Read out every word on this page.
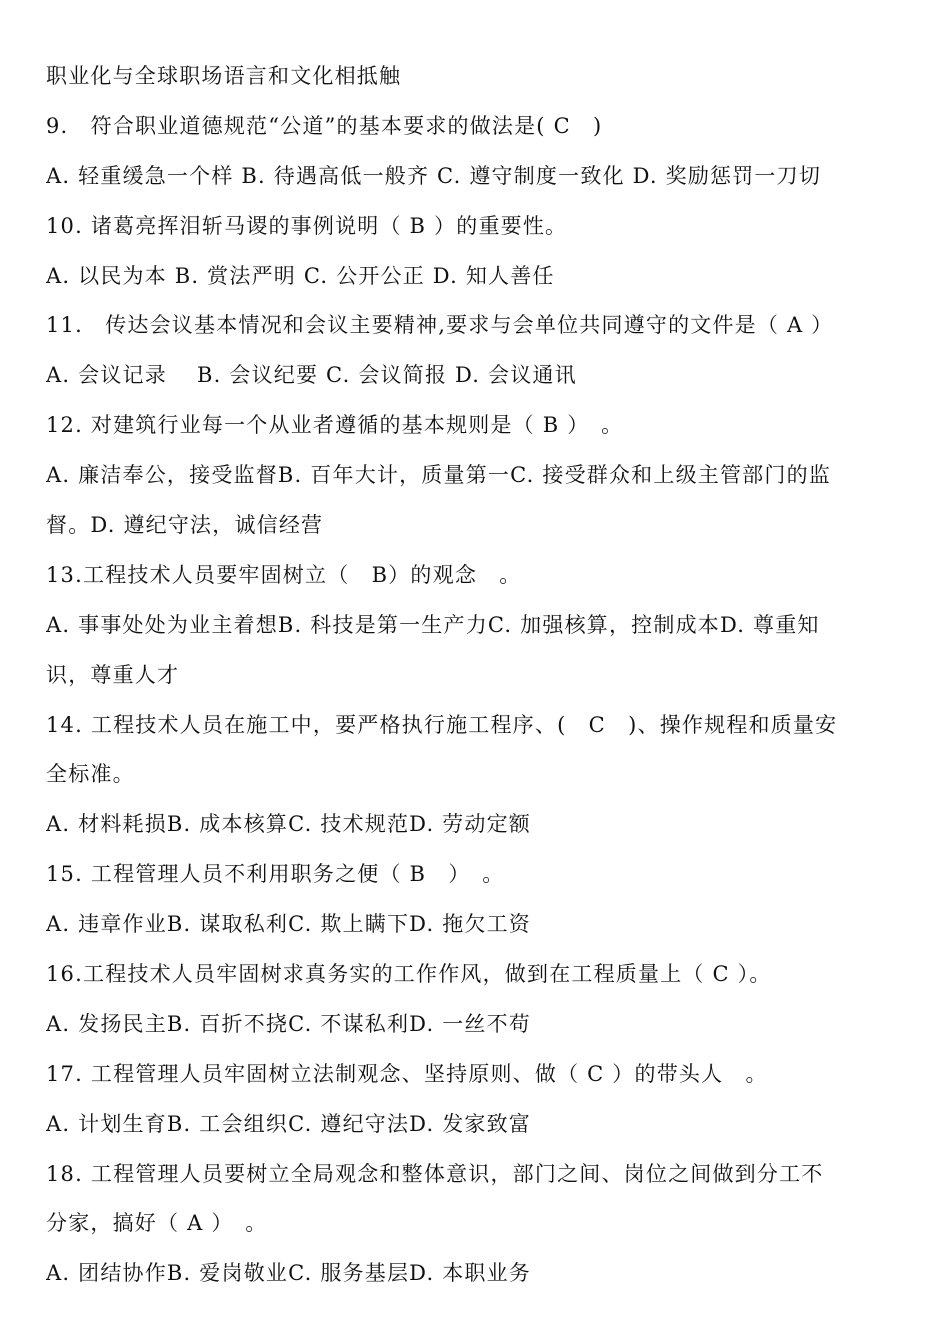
职业化与全球职场语言和文化相抵触
9.　符合职业道德规范“公道”的基本要求的做法是( C　)
A. 轻重缓急一个样 B. 待遇高低一般齐 C. 遵守制度一致化 D. 奖励惩罚一刀切
10. 诸葛亮挥泪斩马谡的事例说明（ B ）的重要性。
A. 以民为本 B. 赏法严明 C. 公开公正 D. 知人善任
11.　传达会议基本情况和会议主要精神,要求与会单位共同遵守的文件是（ A ）
A. 会议记录　 B. 会议纪要 C. 会议简报 D. 会议通讯
12. 对建筑行业每一个从业者遵循的基本规则是（ B ）　。
A. 廉洁奉公，接受监督B. 百年大计，质量第一C. 接受群众和上级主管部门的监
督。D. 遵纪守法，诚信经营
13.工程技术人员要牢固树立（　B）的观念　。
A. 事事处处为业主着想B. 科技是第一生产力C. 加强核算，控制成本D. 尊重知
识，尊重人才
14. 工程技术人员在施工中，要严格执行施工程序、(　C　)、操作规程和质量安
全标准。
A. 材料耗损B. 成本核算C. 技术规范D. 劳动定额
15. 工程管理人员不利用职务之便（ B　）　。
A. 违章作业B. 谋取私利C. 欺上瞒下D. 拖欠工资
16.工程技术人员牢固树求真务实的工作作风，做到在工程质量上（ C ）。
A. 发扬民主B. 百折不挠C. 不谋私利D. 一丝不苟
17. 工程管理人员牢固树立法制观念、坚持原则、做（ C ）的带头人　。
A. 计划生育B. 工会组织C. 遵纪守法D. 发家致富
18. 工程管理人员要树立全局观念和整体意识，部门之间、岗位之间做到分工不
分家，搞好（ A ）　。
A. 团结协作B. 爱岗敬业C. 服务基层D. 本职业务
